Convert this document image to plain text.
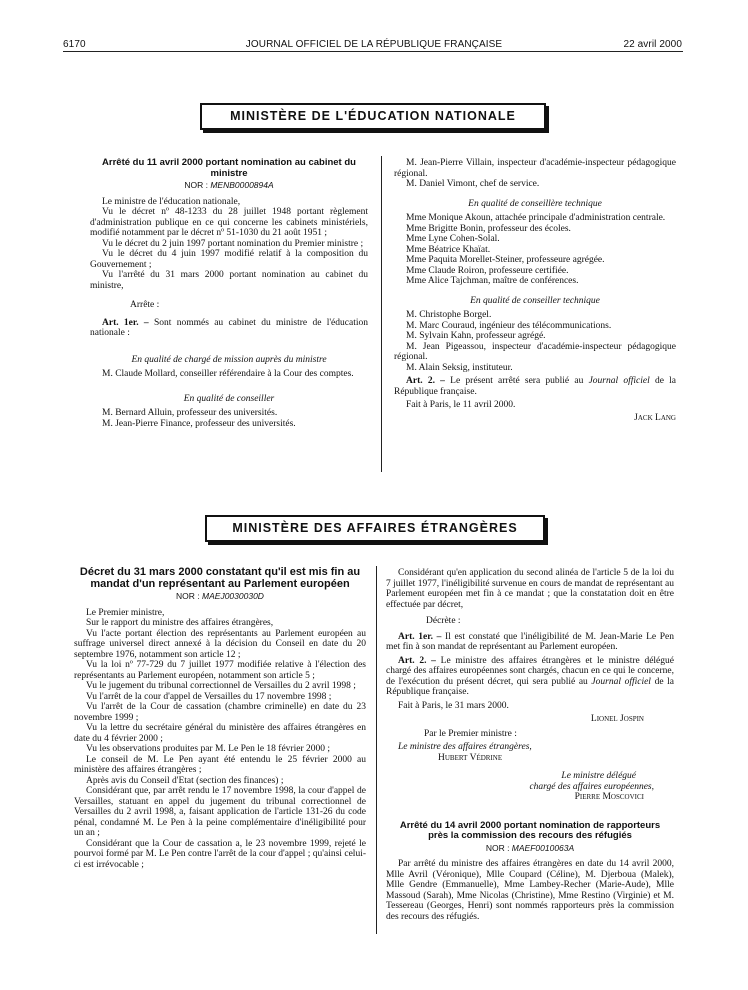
6170	JOURNAL OFFICIEL DE LA RÉPUBLIQUE FRANÇAISE	22 avril 2000
MINISTÈRE DE L'ÉDUCATION NATIONALE

Arrêté du 11 avril 2000 portant nomination au cabinet du ministre

NOR : MENB0000894A

Le ministre de l'éducation nationale,

Vu le décret nº 48-1233 du 28 juillet 1948 portant règlement d'administration publique en ce qui concerne les cabinets ministériels, modifié notamment par le décret nº 51-1030 du 21 août 1951 ;

Vu le décret du 2 juin 1997 portant nomination du Premier ministre ;

Vu le décret du 4 juin 1997 modifié relatif à la composition du Gouvernement ;

Vu l'arrêté du 31 mars 2000 portant nomination au cabinet du ministre,

Arrête :

Art. 1er. – Sont nommés au cabinet du ministre de l'éducation nationale :

En qualité de chargé de mission auprès du ministre

M. Claude Mollard, conseiller référendaire à la Cour des comptes.

En qualité de conseiller

M. Bernard Alluin, professeur des universités.

M. Jean-Pierre Finance, professeur des universités.

M. Jean-Pierre Villain, inspecteur d'académie-inspecteur pédagogique régional.

M. Daniel Vimont, chef de service.

En qualité de conseillère technique

Mme Monique Akoun, attachée principale d'administration centrale.

Mme Brigitte Bonin, professeur des écoles.

Mme Lyne Cohen-Solal.

Mme Béatrice Khaïat.

Mme Paquita Morellet-Steiner, professeure agrégée.

Mme Claude Roiron, professeure certifiée.

Mme Alice Tajchman, maître de conférences.

En qualité de conseiller technique

M. Christophe Borgel.

M. Marc Couraud, ingénieur des télécommunications.

M. Sylvain Kahn, professeur agrégé.

M. Jean Pigeassou, inspecteur d'académie-inspecteur pédagogique régional.

M. Alain Seksig, instituteur.

Art. 2. – Le présent arrêté sera publié au Journal officiel de la République française.

Fait à Paris, le 11 avril 2000.

Jack Lang

MINISTÈRE DES AFFAIRES ÉTRANGÈRES

Décret du 31 mars 2000 constatant qu'il est mis fin au mandat d'un représentant au Parlement européen

NOR : MAEJ0030030D

Le Premier ministre,

Sur le rapport du ministre des affaires étrangères,

Vu l'acte portant élection des représentants au Parlement européen au suffrage universel direct annexé à la décision du Conseil en date du 20 septembre 1976, notamment son article 12 ;

Vu la loi nº 77-729 du 7 juillet 1977 modifiée relative à l'élection des représentants au Parlement européen, notamment son article 5 ;

Vu le jugement du tribunal correctionnel de Versailles du 2 avril 1998 ;

Vu l'arrêt de la cour d'appel de Versailles du 17 novembre 1998 ;

Vu l'arrêt de la Cour de cassation (chambre criminelle) en date du 23 novembre 1999 ;

Vu la lettre du secrétaire général du ministère des affaires étrangères en date du 4 février 2000 ;

Vu les observations produites par M. Le Pen le 18 février 2000 ;

Le conseil de M. Le Pen ayant été entendu le 25 février 2000 au ministère des affaires étrangères ;

Après avis du Conseil d'Etat (section des finances) ;

Considérant que, par arrêt rendu le 17 novembre 1998, la cour d'appel de Versailles, statuant en appel du jugement du tribunal correctionnel de Versailles du 2 avril 1998, a, faisant application de l'article 131-26 du code pénal, condamné M. Le Pen à la peine complémentaire d'inéligibilité pour un an ;

Considérant que la Cour de cassation a, le 23 novembre 1999, rejeté le pourvoi formé par M. Le Pen contre l'arrêt de la cour d'appel ; qu'ainsi celui-ci est irrévocable ;

Considérant qu'en application du second alinéa de l'article 5 de la loi du 7 juillet 1977, l'inéligibilité survenue en cours de mandat de représentant au Parlement européen met fin à ce mandat ; que la constatation doit en être effectuée par décret,

Décrète :

Art. 1er. – Il est constaté que l'inéligibilité de M. Jean-Marie Le Pen met fin à son mandat de représentant au Parlement européen.

Art. 2. – Le ministre des affaires étrangères et le ministre délégué chargé des affaires européennes sont chargés, chacun en ce qui le concerne, de l'exécution du présent décret, qui sera publié au Journal officiel de la République française.

Fait à Paris, le 31 mars 2000.

Lionel Jospin

Par le Premier ministre :

Le ministre des affaires étrangères,

Hubert Védrine

Le ministre délégué

chargé des affaires européennes,

Pierre Moscovici

Arrêté du 14 avril 2000 portant nomination de rapporteurs près la commission des recours des réfugiés

NOR : MAEF0010063A

Par arrêté du ministre des affaires étrangères en date du 14 avril 2000, Mlle Avril (Véronique), Mlle Coupard (Céline), M. Djerboua (Malek), Mlle Gendre (Emmanuelle), Mme Lambey-Recher (Marie-Aude), Mlle Massoud (Sarah), Mme Nicolas (Christine), Mme Restino (Virginie) et M. Tessereau (Georges, Henri) sont nommés rapporteurs près la commission des recours des réfugiés.
